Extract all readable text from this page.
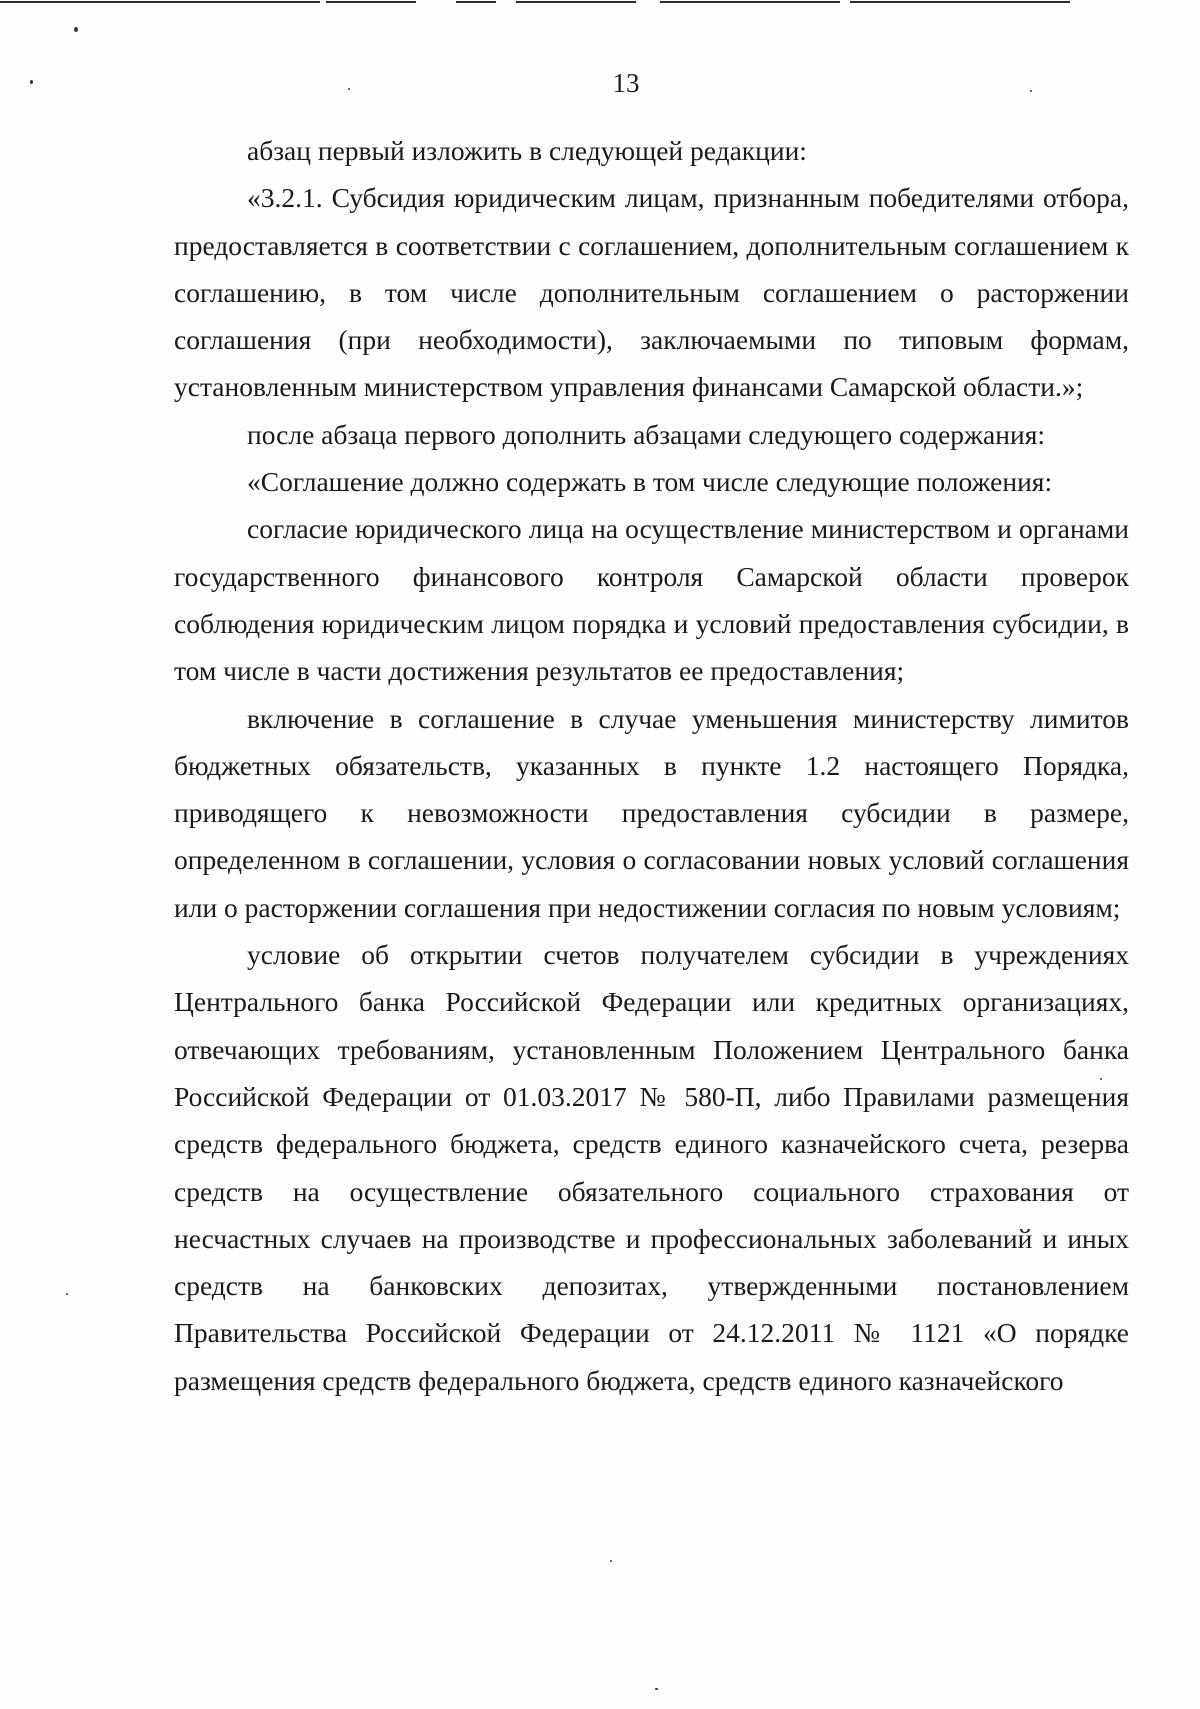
13

абзац первый изложить в следующей редакции:

«3.2.1. Субсидия юридическим лицам, признанным победителями отбора, предоставляется в соответствии с соглашением, дополнительным соглашением к соглашению, в том числе дополнительным соглашением о расторжении соглашения (при необходимости), заключаемыми по типовым формам, установленным министерством управления финансами Самарской области.»;

после абзаца первого дополнить абзацами следующего содержания:

«Соглашение должно содержать в том числе следующие положения:

согласие юридического лица на осуществление министерством и органами государственного финансового контроля Самарской области проверок соблюдения юридическим лицом порядка и условий предоставления субсидии, в том числе в части достижения результатов ее предоставления;

включение в соглашение в случае уменьшения министерству лимитов бюджетных обязательств, указанных в пункте 1.2 настоящего Порядка, приводящего к невозможности предоставления субсидии в размере, определенном в соглашении, условия о согласовании новых условий соглашения или о расторжении соглашения при недостижении согласия по новым условиям;

условие об открытии счетов получателем субсидии в учреждениях Центрального банка Российской Федерации или кредитных организациях, отвечающих требованиям, установленным Положением Центрального банка Российской Федерации от 01.03.2017 № 580-П, либо Правилами размещения средств федерального бюджета, средств единого казначейского счета, резерва средств на осуществление обязательного социального страхования от несчастных случаев на производстве и профессиональных заболеваний и иных средств на банковских депозитах, утвержденными постановлением Правительства Российской Федерации от 24.12.2011 № 1121 «О порядке размещения средств федерального бюджета, средств единого казначейского
